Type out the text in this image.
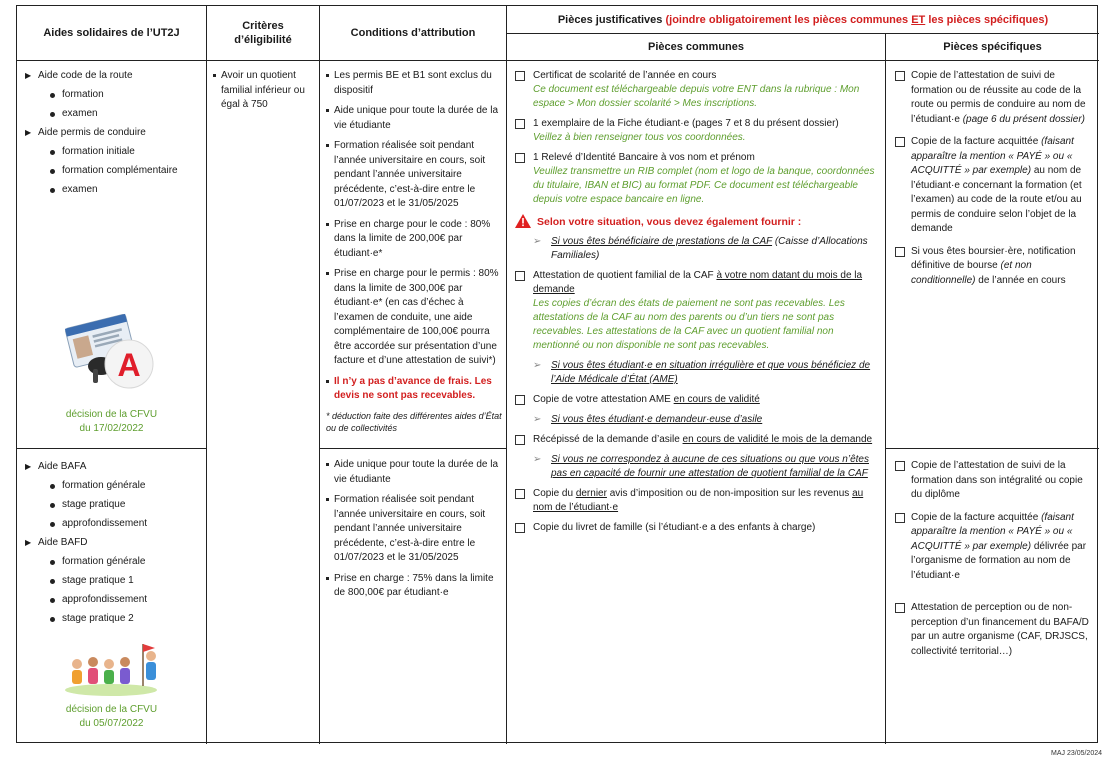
Aides solidaires de l’UT2J
Critères
d’éligibilité
Conditions d’attribution
Pièces justificatives (joindre obligatoirement les pièces communes ET les pièces spécifiques)
Pièces communes	Pièces spécifiques
▶ Aide code de la route
formation
examen
▶ Aide permis de conduire
formation initiale
formation complémentaire
examen
A
décision de la CFVU
du 17/02/2022
▶ Aide BAFA
formation générale
stage pratique
approfondissement
▶ Aide BAFD
formation générale
stage pratique 1
approfondissement
stage pratique 2
décision de la CFVU
du 05/07/2022
Avoir un quotient familial inférieur ou égal à 750
Les permis BE et B1 sont exclus du dispositif
Aide unique pour toute la durée de la vie étudiante
Formation réalisée soit pendant l’année universitaire en cours, soit pendant l’année universitaire précédente, c’est-à-dire entre le 01/07/2023 et le 31/05/2025
Prise en charge pour le code : 80% dans la limite de 200,00€ par étudiant·e*
Prise en charge pour le permis : 80% dans la limite de 300,00€ par étudiant·e* (en cas d’échec à l’examen de conduite, une aide complémentaire de 100,00€ pourra être accordée sur présentation d’une facture et d’une attestation de suivi*)
Il n’y a pas d’avance de frais. Les devis ne sont pas recevables.
* déduction faite des différentes aides d’État ou de collectivités
Aide unique pour toute la durée de la vie étudiante
Formation réalisée soit pendant l’année universitaire en cours, soit pendant l’année universitaire précédente, c’est-à-dire entre le 01/07/2023 et le 31/05/2025
Prise en charge : 75% dans la limite de 800,00€ par étudiant·e
Certificat de scolarité de l’année en cours
Ce document est téléchargeable depuis votre ENT dans la rubrique : Mon espace > Mon dossier scolarité > Mes inscriptions.
1 exemplaire de la Fiche étudiant·e (pages 7 et 8 du présent dossier)
Veillez à bien renseigner tous vos coordonnées.
1 Relevé d’Identité Bancaire à vos nom et prénom
Veuillez transmettre un RIB complet (nom et logo de la banque, coordonnées du titulaire, IBAN et BIC) au format PDF. Ce document est téléchargeable depuis votre espace bancaire en ligne.
Selon votre situation, vous devez également fournir :
➢ Si vous êtes bénéficiaire de prestations de la CAF (Caisse d’Allocations Familiales)
Attestation de quotient familial de la CAF à votre nom datant du mois de la demande
Les copies d’écran des états de paiement ne sont pas recevables. Les attestations de la CAF au nom des parents ou d’un tiers ne sont pas recevables. Les attestations de la CAF avec un quotient familial non mentionné ou non disponible ne sont pas recevables.
➢ Si vous êtes étudiant·e en situation irrégulière et que vous bénéficiez de l’Aide Médicale d’État (AME)
Copie de votre attestation AME en cours de validité
➢ Si vous êtes étudiant·e demandeur·euse d’asile
Récépissé de la demande d’asile en cours de validité le mois de la demande
➢ Si vous ne correspondez à aucune de ces situations ou que vous n’êtes pas en capacité de fournir une attestation de quotient familial de la CAF
Copie du dernier avis d’imposition ou de non-imposition sur les revenus au nom de l’étudiant·e
Copie du livret de famille (si l’étudiant·e a des enfants à charge)
Copie de l’attestation de suivi de formation ou de réussite au code de la route ou permis de conduire au nom de l’étudiant·e (page 6 du présent dossier)
Copie de la facture acquittée (faisant apparaître la mention « PAYÉ » ou « ACQUITTÉ » par exemple) au nom de l’étudiant·e concernant la formation (et l’examen) au code de la route et/ou au permis de conduire selon l’objet de la demande
Si vous êtes boursier·ère, notification définitive de bourse (et non conditionnelle) de l’année en cours
Copie de l’attestation de suivi de la formation dans son intégralité ou copie du diplôme
Copie de la facture acquittée (faisant apparaître la mention « PAYÉ » ou « ACQUITTÉ » par exemple) délivrée par l’organisme de formation au nom de l’étudiant·e
Attestation de perception ou de non-perception d’un financement du BAFA/D par un autre organisme (CAF, DRJSCS, collectivité territorial…)
MAJ 23/05/2024
